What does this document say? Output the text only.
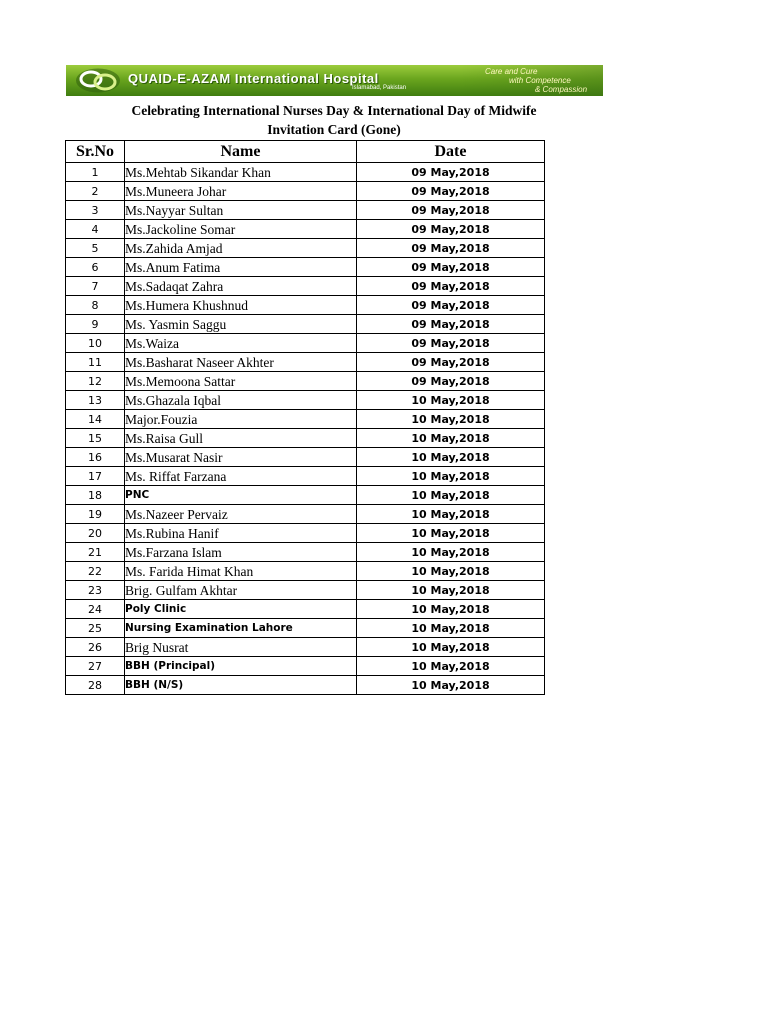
QUAID-E-AZAM International Hospital
Islamabad, Pakistan
Care and Cure
with Competence
& Compassion
Celebrating International Nurses Day & International Day of Midwife
Invitation Card (Gone)
Sr.No	Name	Date
1	Ms.Mehtab Sikandar Khan	09 May,2018
2	Ms.Muneera Johar	09 May,2018
3	Ms.Nayyar Sultan	09 May,2018
4	Ms.Jackoline Somar	09 May,2018
5	Ms.Zahida Amjad	09 May,2018
6	Ms.Anum Fatima	09 May,2018
7	Ms.Sadaqat Zahra	09 May,2018
8	Ms.Humera Khushnud	09 May,2018
9	Ms. Yasmin Saggu	09 May,2018
10	Ms.Waiza	09 May,2018
11	Ms.Basharat Naseer Akhter	09 May,2018
12	Ms.Memoona Sattar	09 May,2018
13	Ms.Ghazala Iqbal	10 May,2018
14	Major.Fouzia	10 May,2018
15	Ms.Raisa Gull	10 May,2018
16	Ms.Musarat Nasir	10 May,2018
17	Ms. Riffat Farzana	10 May,2018
18	PNC	10 May,2018
19	Ms.Nazeer Pervaiz	10 May,2018
20	Ms.Rubina Hanif	10 May,2018
21	Ms.Farzana Islam	10 May,2018
22	Ms. Farida Himat Khan	10 May,2018
23	Brig. Gulfam Akhtar	10 May,2018
24	Poly Clinic	10 May,2018
25	Nursing Examination Lahore	10 May,2018
26	Brig Nusrat	10 May,2018
27	BBH (Principal)	10 May,2018
28	BBH (N/S)	10 May,2018
